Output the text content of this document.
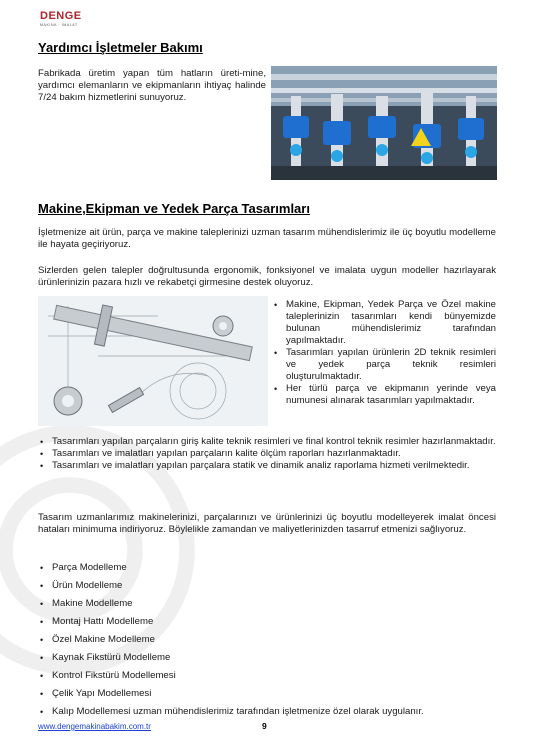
DENGE
MAKİNA · İMALAT
Yardımcı İşletmeler Bakımı
Fabrikada üretim yapan tüm hatların üreti-mine, yardımcı elemanların ve ekipmanların ihtiyaç halinde 7/24 bakım hizmetlerini sunuyoruz.
Makine,Ekipman ve Yedek Parça Tasarımları
İşletmenize ait ürün, parça ve makine taleplerinizi uzman tasarım mühendislerimiz ile üç boyutlu modelleme ile hayata geçiriyoruz.
Sizlerden gelen talepler doğrultusunda ergonomik, fonksiyonel ve imalata uygun modeller hazırlayarak ürünlerinizin pazara hızlı ve rekabetçi girmesine destek oluyoruz.
• Makine, Ekipman, Yedek Parça ve Özel makine taleplerinizin tasarımları kendi bünyemizde bulunan mühendislerimiz tarafından yapılmaktadır.
• Tasarımları yapılan ürünlerin 2D teknik resimleri ve yedek parça teknik resimleri oluşturulmaktadır.
• Her türlü parça ve ekipmanın yerinde veya numunesi alınarak tasarımları yapılmaktadır.
• Tasarımları yapılan parçaların giriş kalite teknik resimleri ve final kontrol teknik resimler hazırlanmaktadır.
• Tasarımları ve imalatları yapılan parçaların kalite ölçüm raporları hazırlanmaktadır.
• Tasarımları ve imalatları yapılan parçalara statik ve dinamik analiz raporlama hizmeti verilmektedir.
Tasarım uzmanlarımız makinelerinizi, parçalarınızı ve ürünlerinizi üç boyutlu modelleyerek imalat öncesi hataları minimuma indiriyoruz. Böylelikle zamandan ve maliyetlerinizden tasarruf etmenizi sağlıyoruz.
• Parça Modelleme
• Ürün Modelleme
• Makine Modelleme
• Montaj Hattı Modelleme
• Özel Makine Modelleme
• Kaynak Fikstürü Modelleme
• Kontrol Fikstürü Modellemesi
• Çelik Yapı Modellemesi
• Kalıp Modellemesi uzman mühendislerimiz tarafından işletmenize özel olarak uygulanır.
www.dengemakinabakim.com.tr	9
